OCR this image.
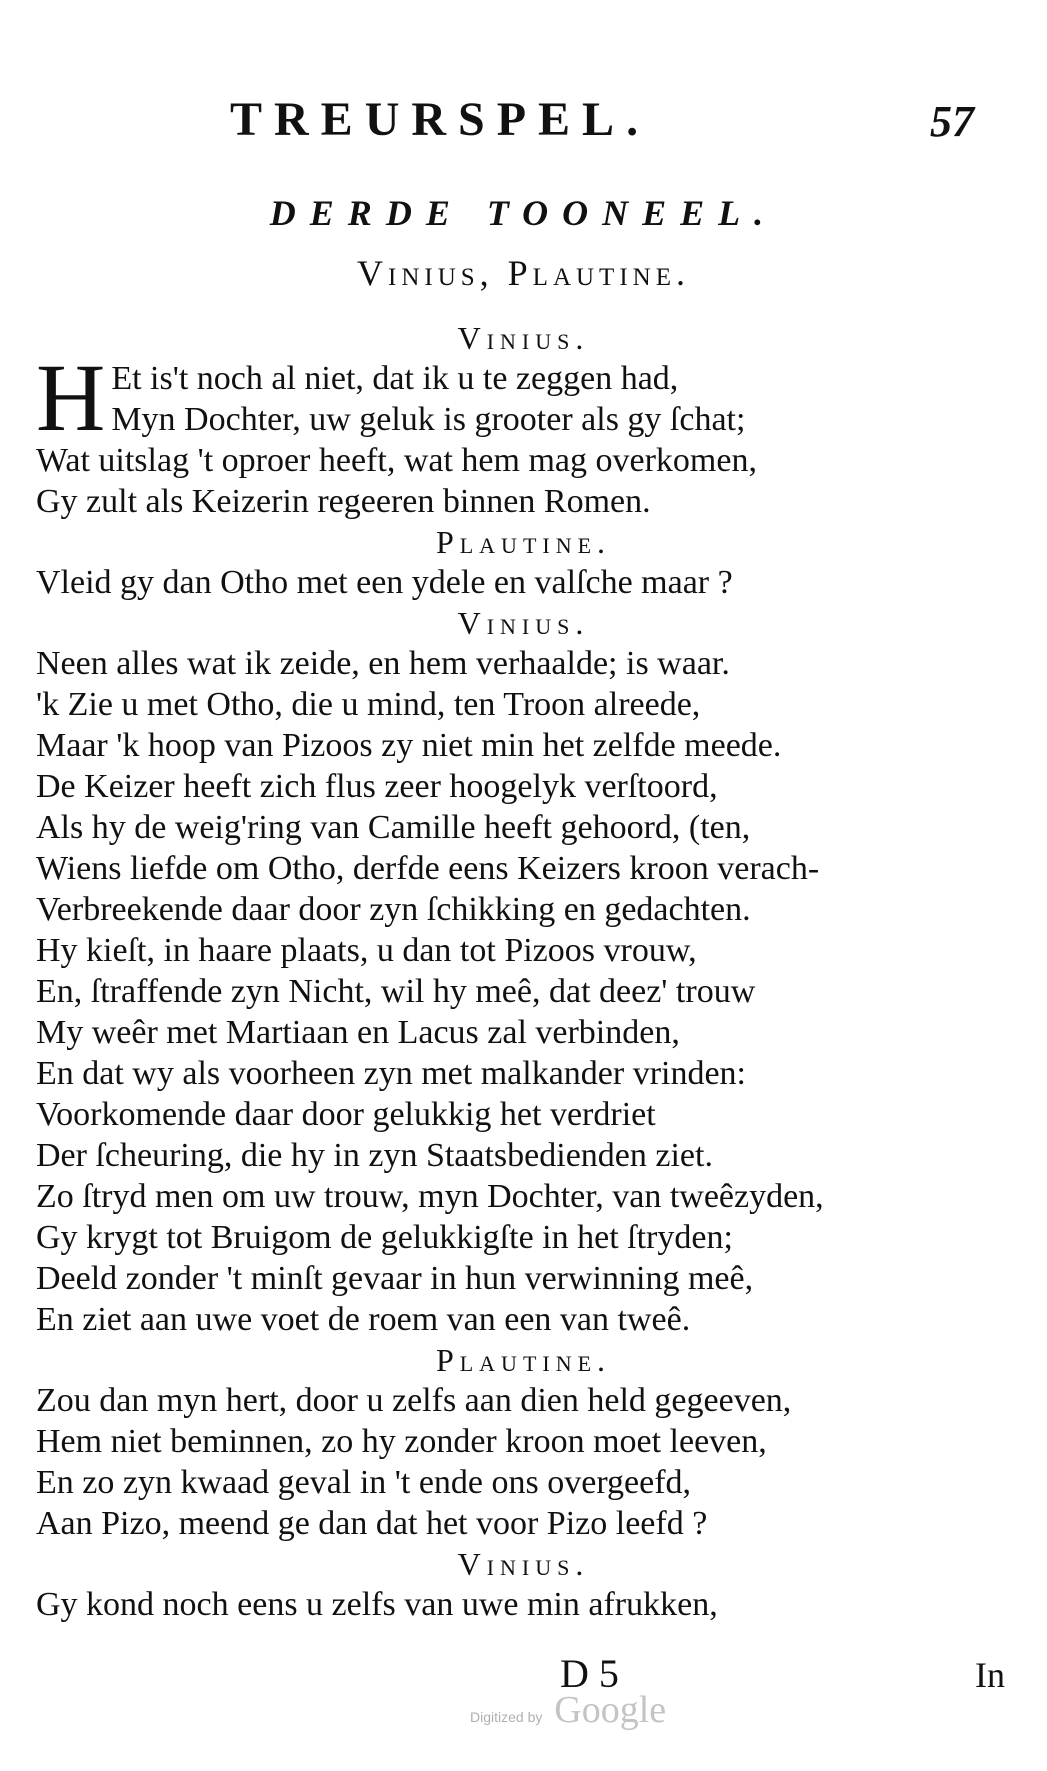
TREURSPEL.	57
DERDE TOONEEL.
Vinius, Plautine.
Vinius.
H Et is't noch al niet, dat ik u te zeggen had,
Myn Dochter, uw geluk is grooter als gy ſchat;
Wat uitslag 't oproer heeft, wat hem mag overkomen,
Gy zult als Keizerin regeeren binnen Romen.
Plautine.
Vleid gy dan Otho met een ydele en valſche maar ?
Vinius.
Neen alles wat ik zeide, en hem verhaalde; is waar.
'k Zie u met Otho, die u mind, ten Troon alreede,
Maar 'k hoop van Pizoos zy niet min het zelfde meede.
De Keizer heeft zich flus zeer hoogelyk verſtoord,
Als hy de weig'ring van Camille heeft gehoord, (ten,
Wiens liefde om Otho, derfde eens Keizers kroon verach-
Verbreekende daar door zyn ſchikking en gedachten.
Hy kieſt, in haare plaats, u dan tot Pizoos vrouw,
En, ſtraffende zyn Nicht, wil hy meê, dat deez' trouw
My weêr met Martiaan en Lacus zal verbinden,
En dat wy als voorheen zyn met malkander vrinden:
Voorkomende daar door gelukkig het verdriet
Der ſcheuring, die hy in zyn Staatsbedienden ziet.
Zo ſtryd men om uw trouw, myn Dochter, van tweêzyden,
Gy krygt tot Bruigom de gelukkigſte in het ſtryden;
Deeld zonder 't minſt gevaar in hun verwinning meê,
En ziet aan uwe voet de roem van een van tweê.
Plautine.
Zou dan myn hert, door u zelfs aan dien held gegeeven,
Hem niet beminnen, zo hy zonder kroon moet leeven,
En zo zyn kwaad geval in 't ende ons overgeefd,
Aan Pizo, meend ge dan dat het voor Pizo leefd ?
Vinius.
Gy kond noch eens u zelfs van uwe min afrukken,
D 5	In
Digitized by Google
